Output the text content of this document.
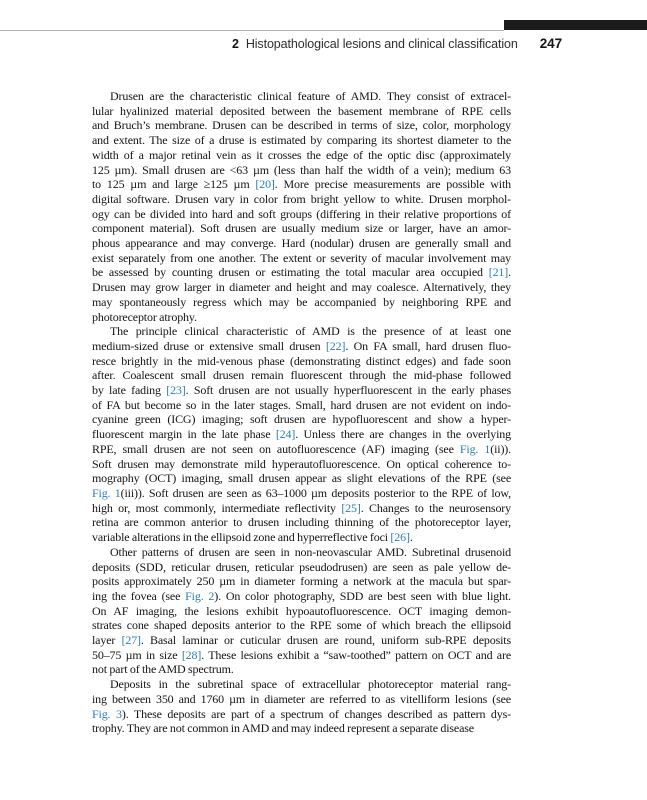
2 Histopathological lesions and clinical classification 247
Drusen are the characteristic clinical feature of AMD. They consist of extracel-
lular hyalinized material deposited between the basement membrane of RPE cells
and Bruch’s membrane. Drusen can be described in terms of size, color, morphology
and extent. The size of a druse is estimated by comparing its shortest diameter to the
width of a major retinal vein as it crosses the edge of the optic disc (approximately
125 µm). Small drusen are <63 µm (less than half the width of a vein); medium 63
to 125 µm and large ≥125 µm [20]. More precise measurements are possible with
digital software. Drusen vary in color from bright yellow to white. Drusen morphol-
ogy can be divided into hard and soft groups (differing in their relative proportions of
component material). Soft drusen are usually medium size or larger, have an amor-
phous appearance and may converge. Hard (nodular) drusen are generally small and
exist separately from one another. The extent or severity of macular involvement may
be assessed by counting drusen or estimating the total macular area occupied [21].
Drusen may grow larger in diameter and height and may coalesce. Alternatively, they
may spontaneously regress which may be accompanied by neighboring RPE and
photoreceptor atrophy.
The principle clinical characteristic of AMD is the presence of at least one
medium-sized druse or extensive small drusen [22]. On FA small, hard drusen fluo-
resce brightly in the mid-venous phase (demonstrating distinct edges) and fade soon
after. Coalescent small drusen remain fluorescent through the mid-phase followed
by late fading [23]. Soft drusen are not usually hyperfluorescent in the early phases
of FA but become so in the later stages. Small, hard drusen are not evident on indo-
cyanine green (ICG) imaging; soft drusen are hypofluorescent and show a hyper-
fluorescent margin in the late phase [24]. Unless there are changes in the overlying
RPE, small drusen are not seen on autofluorescence (AF) imaging (see Fig. 1(ii)).
Soft drusen may demonstrate mild hyperautofluorescence. On optical coherence to-
mography (OCT) imaging, small drusen appear as slight elevations of the RPE (see
Fig. 1(iii)). Soft drusen are seen as 63–1000 µm deposits posterior to the RPE of low,
high or, most commonly, intermediate reflectivity [25]. Changes to the neurosensory
retina are common anterior to drusen including thinning of the photoreceptor layer,
variable alterations in the ellipsoid zone and hyperreflective foci [26].
Other patterns of drusen are seen in non-neovascular AMD. Subretinal drusenoid
deposits (SDD, reticular drusen, reticular pseudodrusen) are seen as pale yellow de-
posits approximately 250 µm in diameter forming a network at the macula but spar-
ing the fovea (see Fig. 2). On color photography, SDD are best seen with blue light.
On AF imaging, the lesions exhibit hypoautofluorescence. OCT imaging demon-
strates cone shaped deposits anterior to the RPE some of which breach the ellipsoid
layer [27]. Basal laminar or cuticular drusen are round, uniform sub-RPE deposits
50–75 µm in size [28]. These lesions exhibit a “saw-toothed” pattern on OCT and are
not part of the AMD spectrum.
Deposits in the subretinal space of extracellular photoreceptor material rang-
ing between 350 and 1760 µm in diameter are referred to as vitelliform lesions (see
Fig. 3). These deposits are part of a spectrum of changes described as pattern dys-
trophy. They are not common in AMD and may indeed represent a separate disease
